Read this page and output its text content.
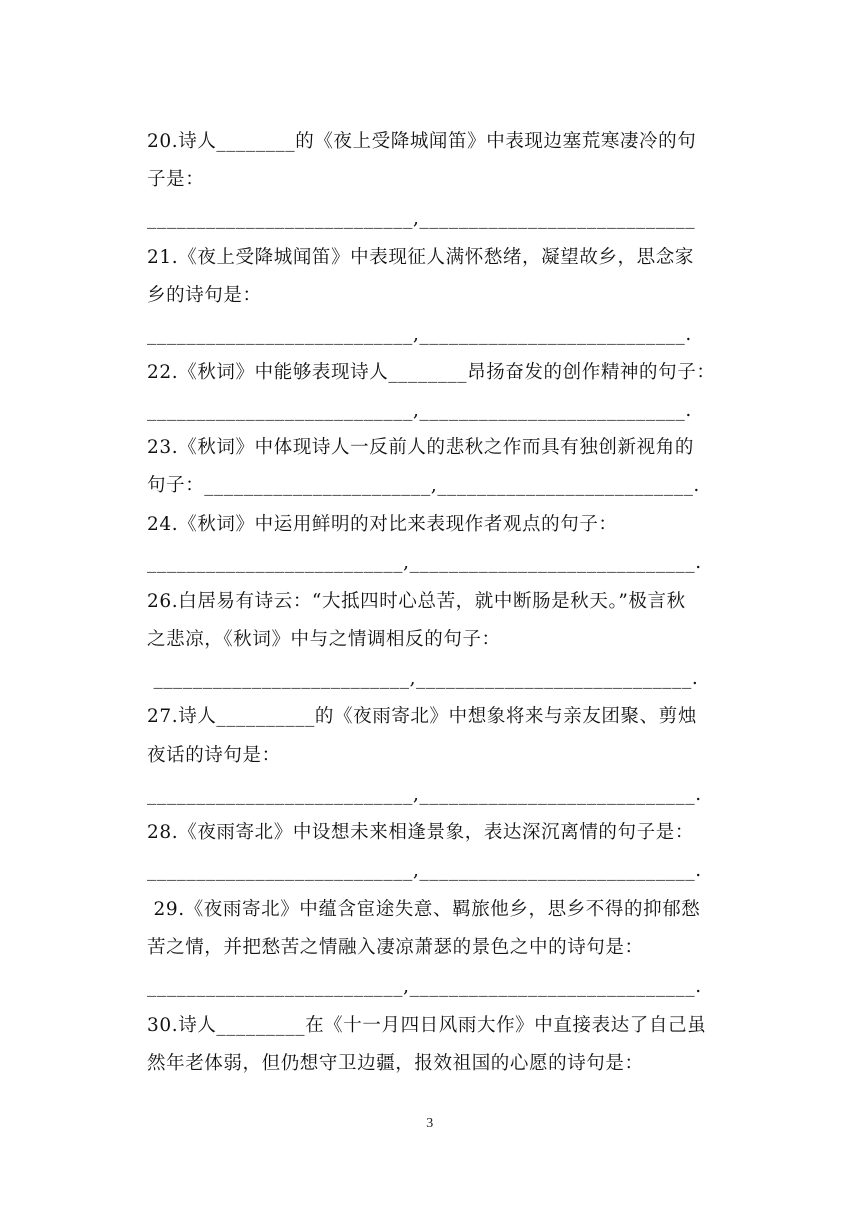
20.诗人________的《夜上受降城闻笛》中表现边塞荒寒凄冷的句
子是：
___________________________,____________________________
21.《夜上受降城闻笛》中表现征人满怀愁绪，凝望故乡，思念家
乡的诗句是：
___________________________,___________________________.
22.《秋词》中能够表现诗人________昂扬奋发的创作精神的句子：
___________________________,___________________________.
23.《秋词》中体现诗人一反前人的悲秋之作而具有独创新视角的
句子：_______________________,__________________________.
24.《秋词》中运用鲜明的对比来表现作者观点的句子：
__________________________,_____________________________.
26.白居易有诗云：“大抵四时心总苦，就中断肠是秋天。”极言秋
之悲凉，《秋词》中与之情调相反的句子：
__________________________,____________________________.
27.诗人__________的《夜雨寄北》中想象将来与亲友团聚、剪烛
夜话的诗句是：
___________________________,____________________________.
28.《夜雨寄北》中设想未来相逢景象，表达深沉离情的句子是：
___________________________,____________________________.
29.《夜雨寄北》中蕴含宦途失意、羁旅他乡，思乡不得的抑郁愁
苦之情，并把愁苦之情融入凄凉萧瑟的景色之中的诗句是：
__________________________,_____________________________.
30.诗人_________在《十一月四日风雨大作》中直接表达了自己虽
然年老体弱，但仍想守卫边疆，报效祖国的心愿的诗句是：
3
